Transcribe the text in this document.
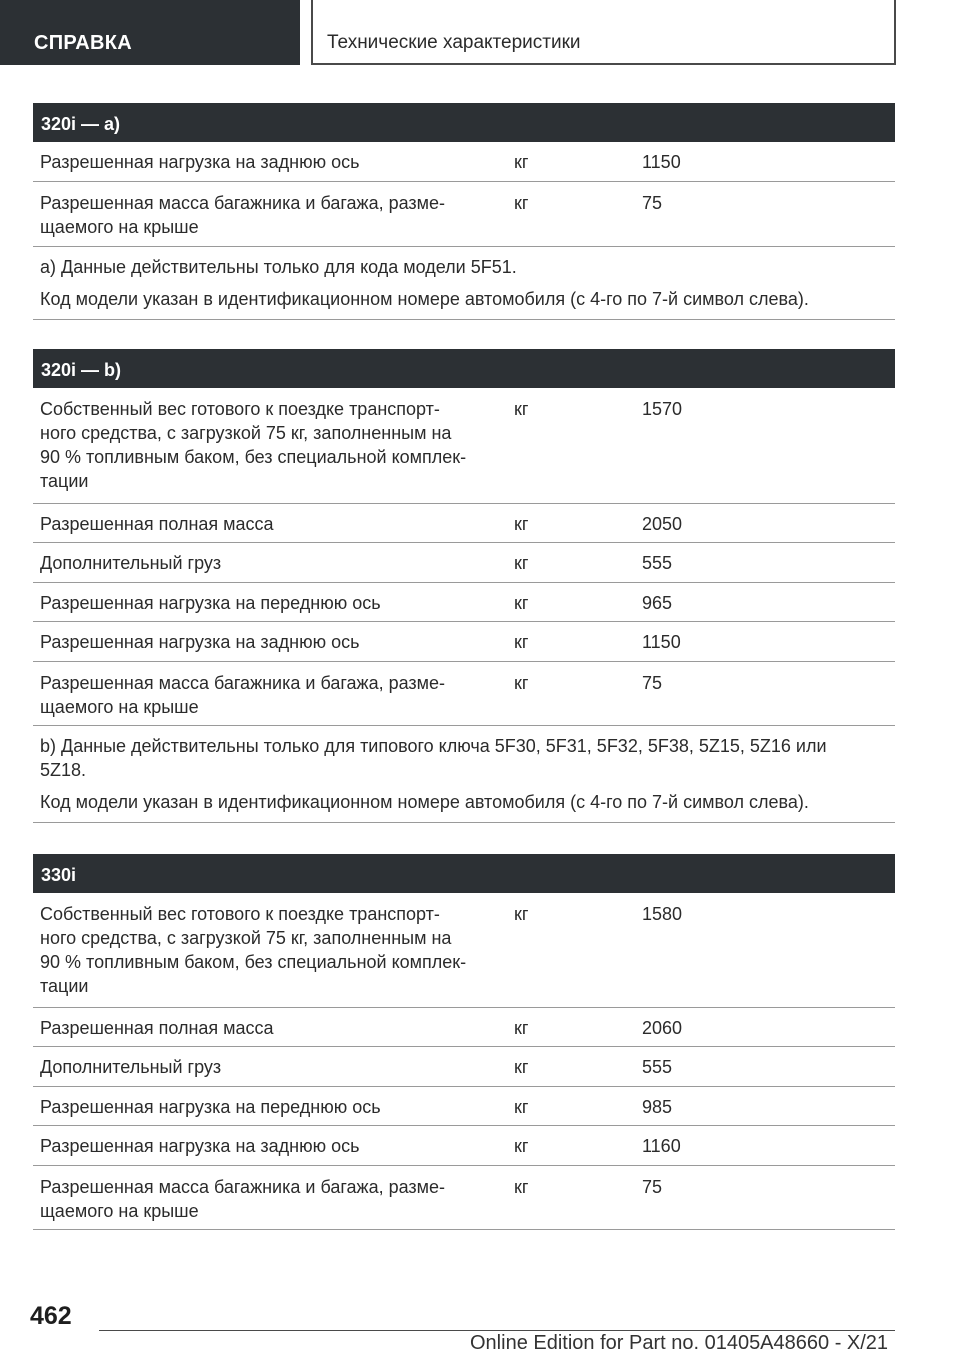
СПРАВКА	Технические характеристики
320i — a)
Разрешенная нагрузка на заднюю ось	кг	1150
Разрешенная масса багажника и багажа, разме-
щаемого на крыше
кг	75

a) Данные действительны только для кода модели 5F51.

Код модели указан в идентификационном номере автомобиля (с 4-го по 7-й символ слева).

320i — b)
Собственный вес готового к поездке транспорт-
ного средства, с загрузкой 75 кг, заполненным на
90 % топливным баком, без специальной комплек-
тации
кг	1570
Разрешенная полная масса	кг	2050
Дополнительный груз	кг	555
Разрешенная нагрузка на переднюю ось	кг	965
Разрешенная нагрузка на заднюю ось	кг	1150
Разрешенная масса багажника и багажа, разме-
щаемого на крыше
кг	75

b) Данные действительны только для типового ключа 5F30, 5F31, 5F32, 5F38, 5Z15, 5Z16 или
5Z18.

Код модели указан в идентификационном номере автомобиля (с 4-го по 7-й символ слева).

330i
Собственный вес готового к поездке транспорт-
ного средства, с загрузкой 75 кг, заполненным на
90 % топливным баком, без специальной комплек-
тации
кг	1580
Разрешенная полная масса	кг	2060
Дополнительный груз	кг	555
Разрешенная нагрузка на переднюю ось	кг	985
Разрешенная нагрузка на заднюю ось	кг	1160
Разрешенная масса багажника и багажа, разме-
щаемого на крыше
кг	75
462
Online Edition for Part no. 01405A48660 - X/21
